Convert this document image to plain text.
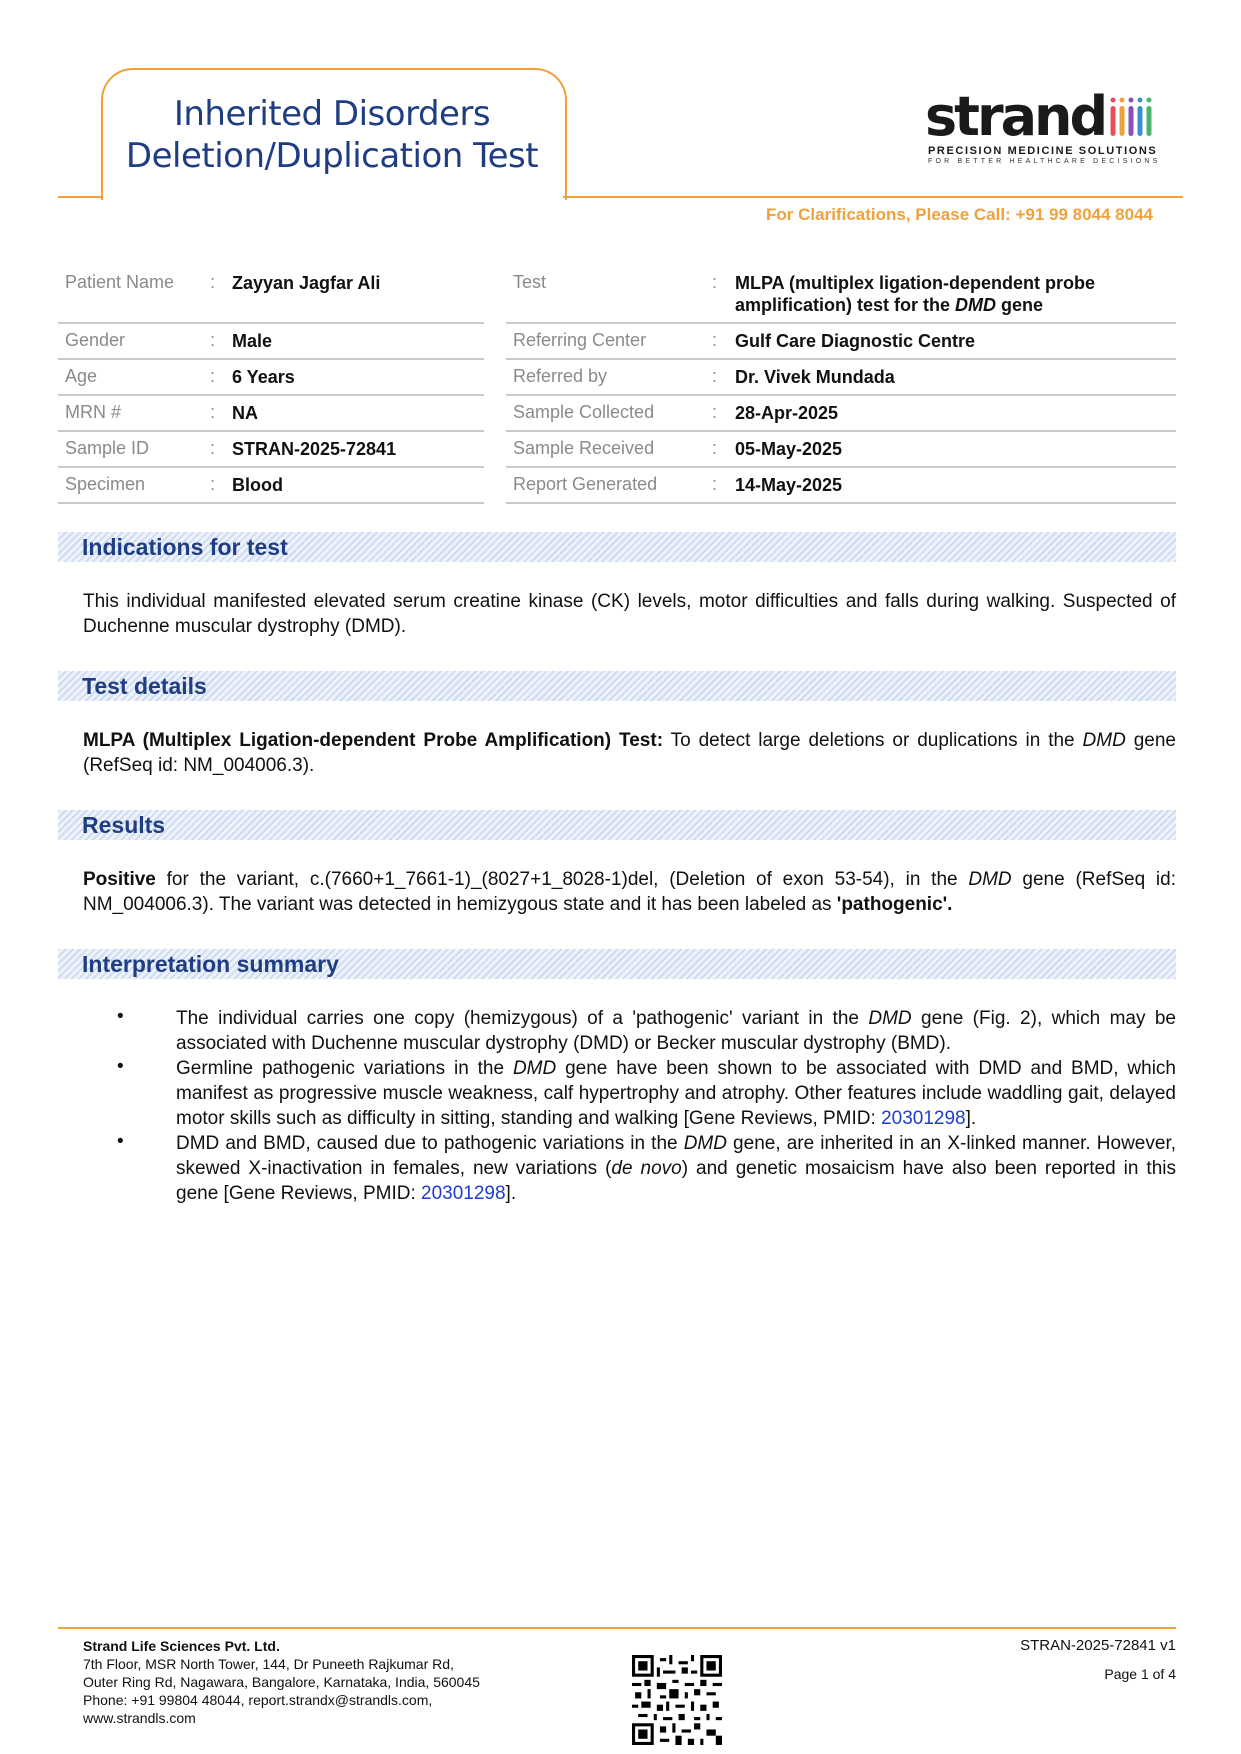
Inherited Disorders
Deletion/Duplication Test
strand
PRECISION MEDICINE SOLUTIONS
FOR BETTER HEALTHCARE DECISIONS
For Clarifications, Please Call: +91 99 8044 8044
Patient Name : Zayyan Jagfar Ali
Gender	: Male
Age	: 6 Years
MRN #	: NA
Sample ID	: STRAN-2025-72841
Specimen	: Blood
Test	: MLPA (multiplex ligation-dependent probe
amplification) test for the DMD gene
Referring Center	: Gulf Care Diagnostic Centre
Referred by	: Dr. Vivek Mundada
Sample Collected	: 28-Apr-2025
Sample Received	: 05-May-2025
Report Generated	: 14-May-2025
Indications for test
This individual manifested elevated serum creatine kinase (CK) levels, motor difficulties and falls during walking. Suspected of Duchenne muscular dystrophy (DMD).
Test details
MLPA (Multiplex Ligation-dependent Probe Amplification) Test: To detect large deletions or duplications in the DMD gene (RefSeq id: NM_004006.3).
Results
Positive for the variant, c.(7660+1_7661-1)_(8027+1_8028-1)del, (Deletion of exon 53-54), in the DMD gene (RefSeq id: NM_004006.3). The variant was detected in hemizygous state and it has been labeled as 'pathogenic'.
Interpretation summary
•	The individual carries one copy (hemizygous) of a 'pathogenic' variant in the DMD gene (Fig. 2), which may be associated with Duchenne muscular dystrophy (DMD) or Becker muscular dystrophy (BMD).
•	Germline pathogenic variations in the DMD gene have been shown to be associated with DMD and BMD, which manifest as progressive muscle weakness, calf hypertrophy and atrophy. Other features include waddling gait, delayed motor skills such as difficulty in sitting, standing and walking [Gene Reviews, PMID: 20301298].
•	DMD and BMD, caused due to pathogenic variations in the DMD gene, are inherited in an X-linked manner. However, skewed X-inactivation in females, new variations (de novo) and genetic mosaicism have also been reported in this gene [Gene Reviews, PMID: 20301298].
Strand Life Sciences Pvt. Ltd.
7th Floor, MSR North Tower, 144, Dr Puneeth Rajkumar Rd,
Outer Ring Rd, Nagawara, Bangalore, Karnataka, India, 560045
Phone: +91 99804 48044, report.strandx@strandls.com,
www.strandls.com
STRAN-2025-72841 v1
Page 1 of 4
